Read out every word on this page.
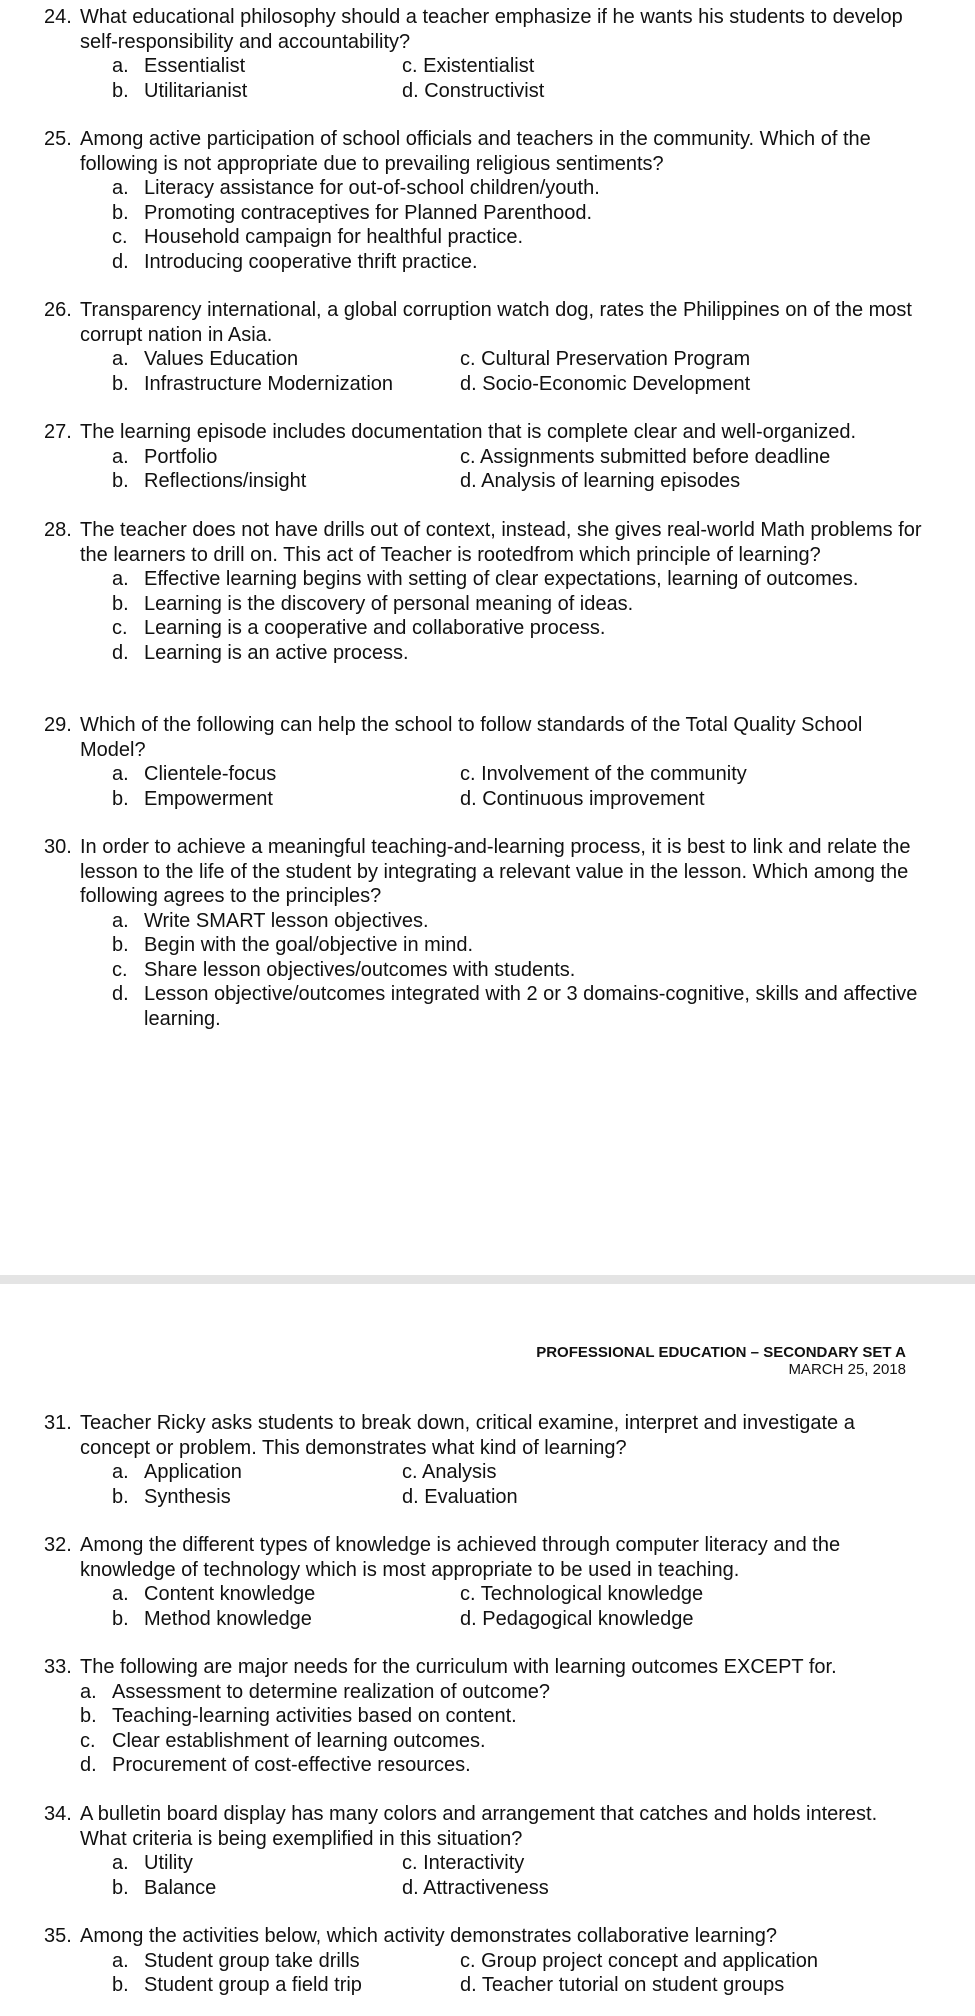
24. What educational philosophy should a teacher emphasize if he wants his students to develop self-responsibility and accountability?
a. Essentialist	c. Existentialist
b. Utilitarianist	d. Constructivist
25. Among active participation of school officials and teachers in the community. Which of the following is not appropriate due to prevailing religious sentiments?
a. Literacy assistance for out-of-school children/youth.
b. Promoting contraceptives for Planned Parenthood.
c. Household campaign for healthful practice.
d. Introducing cooperative thrift practice.
26. Transparency international, a global corruption watch dog, rates the Philippines on of the most corrupt nation in Asia.
a. Values Education	c. Cultural Preservation Program
b. Infrastructure Modernization	d. Socio-Economic Development
27. The learning episode includes documentation that is complete clear and well-organized.
a. Portfolio	c. Assignments submitted before deadline
b. Reflections/insight	d. Analysis of learning episodes
28. The teacher does not have drills out of context, instead, she gives real-world Math problems for the learners to drill on. This act of Teacher is rootedfrom which principle of learning?
a. Effective learning begins with setting of clear expectations, learning of outcomes.
b. Learning is the discovery of personal meaning of ideas.
c. Learning is a cooperative and collaborative process.
d. Learning is an active process.
29. Which of the following can help the school to follow standards of the Total Quality School Model?
a. Clientele-focus	c. Involvement of the community
b. Empowerment	d. Continuous improvement
30. In order to achieve a meaningful teaching-and-learning process, it is best to link and relate the lesson to the life of the student by integrating a relevant value in the lesson. Which among the following agrees to the principles?
a. Write SMART lesson objectives.
b. Begin with the goal/objective in mind.
c. Share lesson objectives/outcomes with students.
d. Lesson objective/outcomes integrated with 2 or 3 domains-cognitive, skills and affective learning.
PROFESSIONAL EDUCATION – SECONDARY SET A
MARCH 25, 2018
31. Teacher Ricky asks students to break down, critical examine, interpret and investigate a concept or problem. This demonstrates what kind of learning?
a. Application	c. Analysis
b. Synthesis	d. Evaluation
32. Among the different types of knowledge is achieved through computer literacy and the knowledge of technology which is most appropriate to be used in teaching.
a. Content knowledge	c. Technological knowledge
b. Method knowledge	d. Pedagogical knowledge
33. The following are major needs for the curriculum with learning outcomes EXCEPT for.
a. Assessment to determine realization of outcome?
b. Teaching-learning activities based on content.
c. Clear establishment of learning outcomes.
d. Procurement of cost-effective resources.
34. A bulletin board display has many colors and arrangement that catches and holds interest. What criteria is being exemplified in this situation?
a. Utility	c. Interactivity
b. Balance	d. Attractiveness
35. Among the activities below, which activity demonstrates collaborative learning?
a. Student group take drills	c. Group project concept and application
b. Student group a field trip	d. Teacher tutorial on student groups
